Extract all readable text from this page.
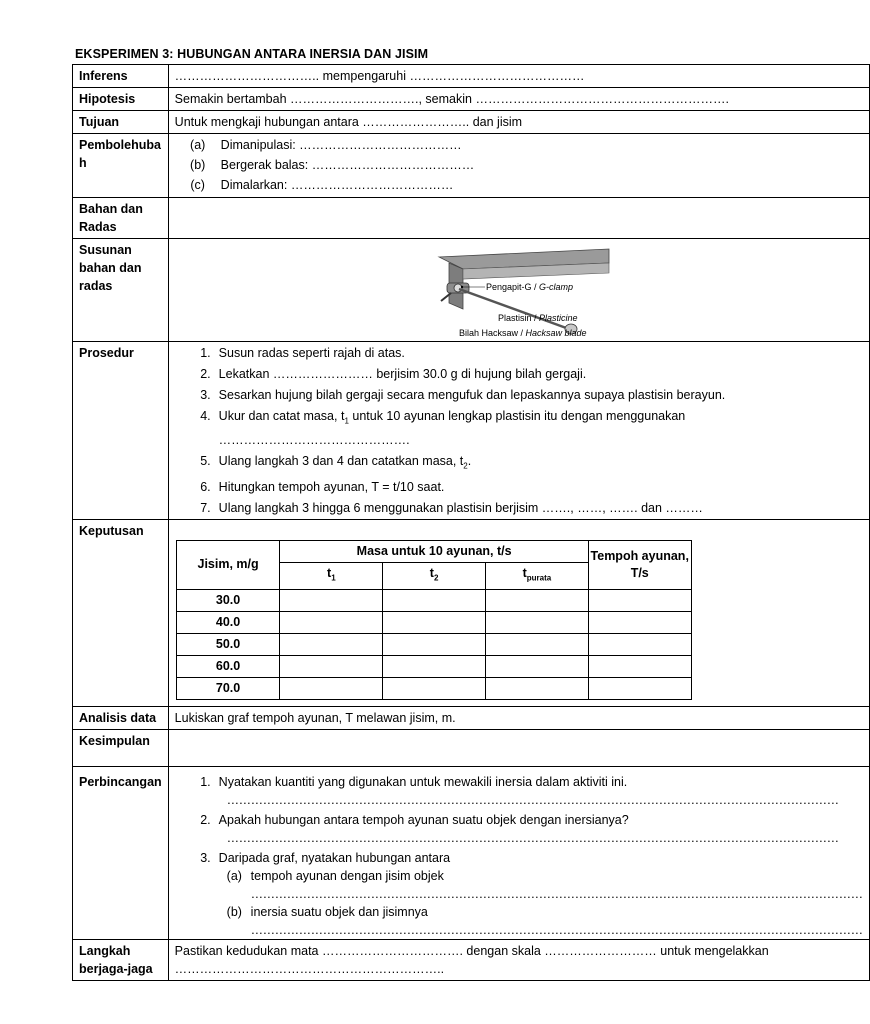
EKSPERIMEN 3: HUBUNGAN ANTARA INERSIA DAN JISIM
Inferens	…………………………….. mempengaruhi ……………………………………
Hipotesis	Semakin bertambah …………………………., semakin …………………………………………………….
Tujuan	Untuk mengkaji hubungan antara …………………….. dan jisim
Pembolehubah	
(a)	Dimanipulasi: …………………………………
(b)	Bergerak balas: …………………………………
(c)	Dimalarkan: …………………………………

Bahan dan Radas	
Susunan bahan dan radas	Pengapit-G / G-clamp
Plastisin / Plasticine
Bilah Hacksaw / Hacksaw blade

Prosedur	1. Susun radas seperti rajah di atas.
2. Lekatkan …………………… berjisim 30.0 g di hujung bilah gergaji.
3. Sesarkan hujung bilah gergaji secara mengufuk dan lepaskannya supaya plastisin berayun.
4. Ukur dan catat masa, $t_1$ untuk 10 ayunan lengkap plastisin itu dengan menggunakan ……………………………………….
5. Ulang langkah 3 dan 4 dan catatkan masa, $t_2$.
6. Hitungkan tempoh ayunan, T = t/10 saat.
7. Ulang langkah 3 hingga 6 menggunakan plastisin berjisim ……., ……, ……. dan ………

Keputusan	
Jisim, m/g	Masa untuk 10 ayunan, t/s	Tempoh ayunan, T/s
$t_1$	$t_2$	$t_{purata}$
30.0				
40.0				
50.0				
60.0				
70.0				

Analisis data	Lukiskan graf tempoh ayunan, T melawan jisim, m.
Kesimpulan	
Perbincangan	1. Nyatakan kuantiti yang digunakan untuk mewakili inersia dalam aktiviti ini.
………………………………………………………………………………………………………………………………………
2. Apakah hubungan antara tempoh ayunan suatu objek dengan inersianya?
………………………………………………………………………………………………………………………………………
3. Daripada graf, nyatakan hubungan antara
(a) tempoh ayunan dengan jisim objek
………………………………………………………………………………………………………………………………………
(b) inersia suatu objek dan jisimnya
………………………………………………………………………………………………………………………………………

Langkah berjaga-jaga	Pastikan kedudukan mata ……………………………. dengan skala ……………………… untuk mengelakkan ………………………………………………………..
